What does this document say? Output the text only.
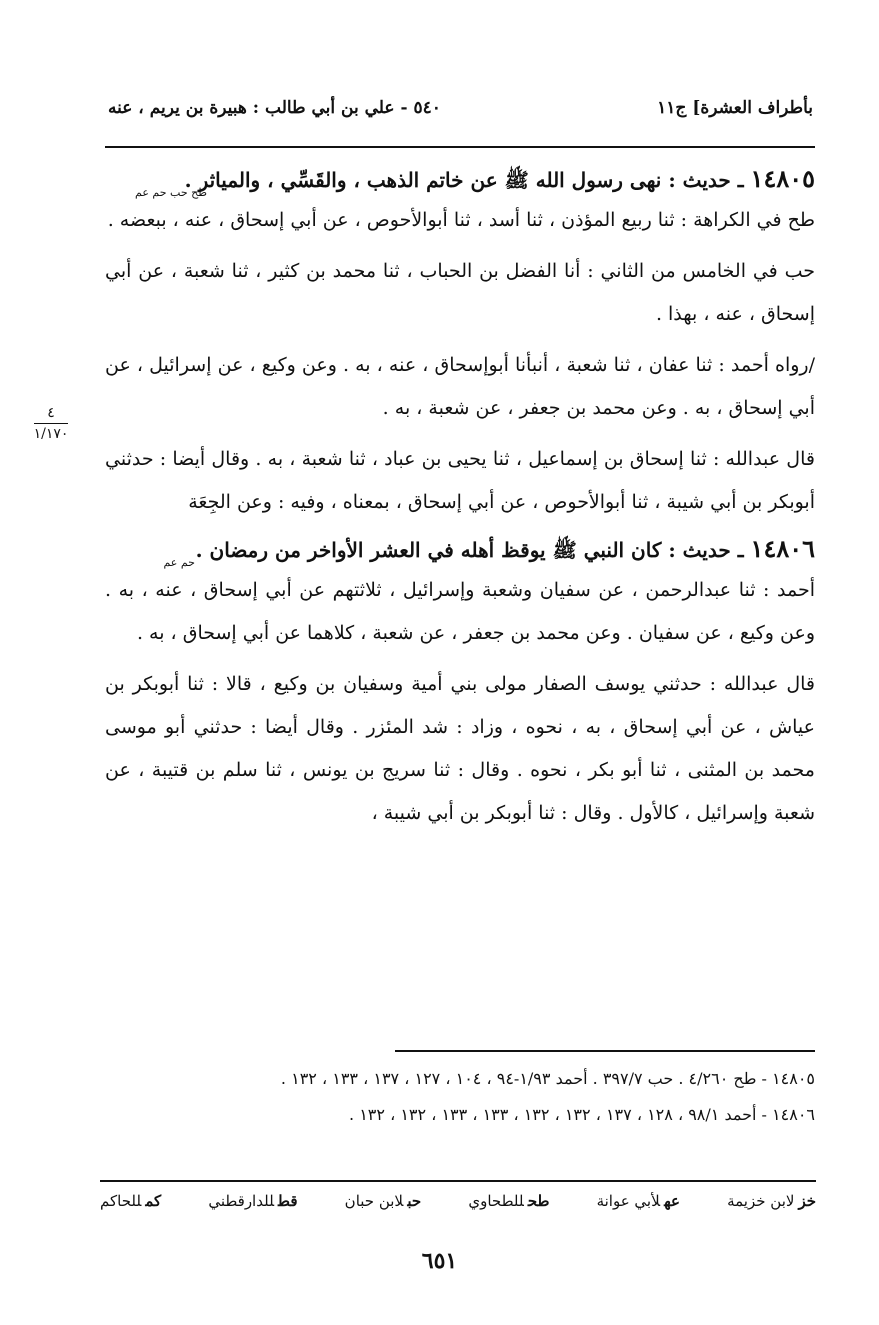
بأطراف العشرة] ج١١
٥٤٠ - علي بن أبي طالب : هبيرة بن يريم ، عنه
١٤٨٠٥ ـ حديث : نهى رسول الله ﷺ عن خاتم الذهب ، والقَسِّي ، والمياثر .
طح حب حم عم

طح في الكراهة : ثنا ربيع المؤذن ، ثنا أسد ، ثنا أبوالأحوص ، عن أبي إسحاق ، عنه ، ببعضه .

حب في الخامس من الثاني : أنا الفضل بن الحباب ، ثنا محمد بن كثير ، ثنا شعبة ، عن أبي إسحاق ، عنه ، بهذا .

/رواه أحمد : ثنا عفان ، ثنا شعبة ، أنبأنا أبوإسحاق ، عنه ، به . وعن وكيع ، عن إسرائيل ، عن أبي إسحاق ، به . وعن محمد بن جعفر ، عن شعبة ، به .

قال عبدالله : ثنا إسحاق بن إسماعيل ، ثنا يحيى بن عباد ، ثنا شعبة ، به . وقال أيضا : حدثني أبوبكر بن أبي شيبة ، ثنا أبوالأحوص ، عن أبي إسحاق ، بمعناه ، وفيه : وعن الجِعَة

١٤٨٠٦ ـ حديث : كان النبي ﷺ يوقظ أهله في العشر الأواخر من رمضان .
حم عم

أحمد : ثنا عبدالرحمن ، عن سفيان وشعبة وإسرائيل ، ثلاثتهم عن أبي إسحاق ، عنه ، به . وعن وكيع ، عن سفيان . وعن محمد بن جعفر ، عن شعبة ، كلاهما عن أبي إسحاق ، به .

قال عبدالله : حدثني يوسف الصفار مولى بني أمية وسفيان بن وكيع ، قالا : ثنا أبوبكر بن عياش ، عن أبي إسحاق ، به ، نحوه ، وزاد : شد المئزر . وقال أيضا : حدثني أبو موسى محمد بن المثنى ، ثنا أبو بكر ، نحوه . وقال : ثنا سريج بن يونس ، ثنا سلم بن قتيبة ، عن شعبة وإسرائيل ، كالأول . وقال : ثنا أبوبكر بن أبي شيبة ،

٤
١/١٧٠

١٤٨٠٥ - طح ٤/٢٦٠ . حب ٣٩٧/٧ . أحمد ١/٩٣-٩٤ ، ١٠٤ ، ١٢٧ ، ١٣٧ ، ١٣٣ ، ١٣٢ .

١٤٨٠٦ - أحمد ٩٨/١ ، ١٢٨ ، ١٣٧ ، ١٣٢ ، ١٣٢ ، ١٣٣ ، ١٣٣ ، ١٣٢ ، ١٣٢ .

خزلابن خزيمة
عهلأبي عوانة
طحللطحاوي
حبلابن حبان
قطللدارقطني
كمللحاكم
٦٥١
